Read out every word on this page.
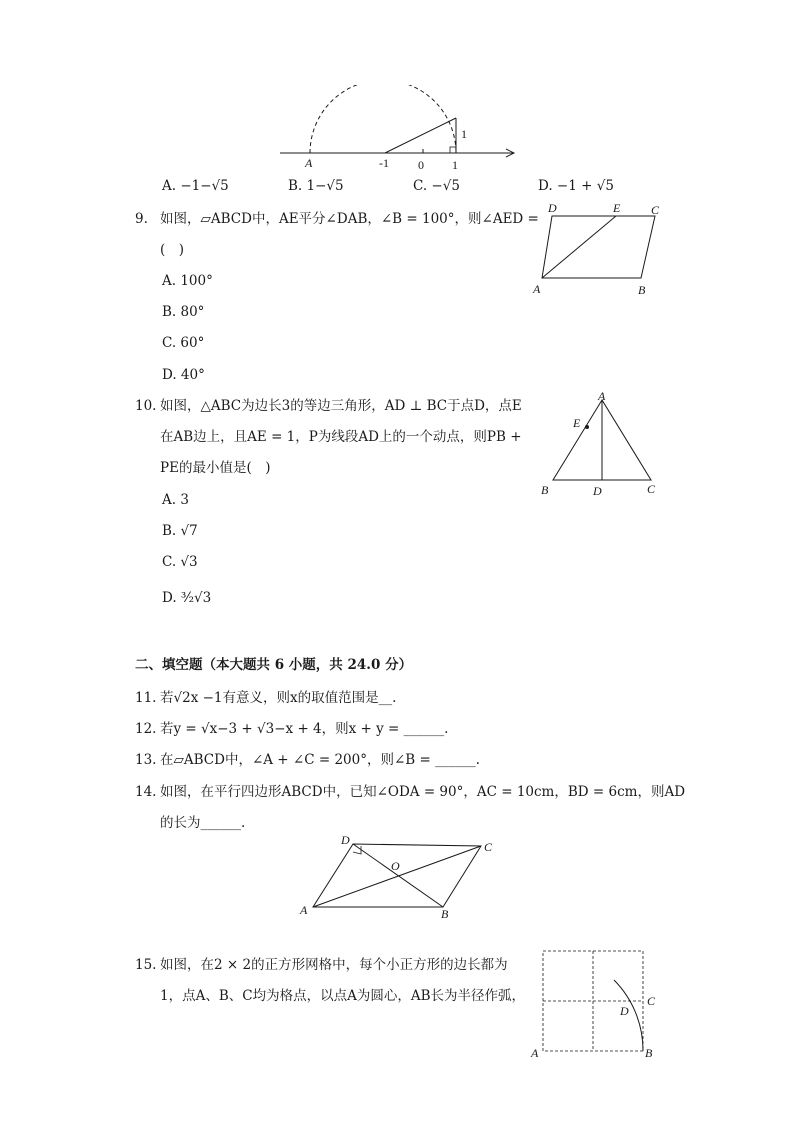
A	-1 0 1
1
A. −1−√5	B. 1−√5	C. −√5	D. −1 + √5
9. 如图，▱ABCD中，AE平分∠DAB，∠B = 100°，则∠AED =
(　)
A. 100°
B. 80°
C. 60°
D. 40°
D	E	C
A	B
10. 如图，△ABC为边长3的等边三角形，AD ⊥ BC于点D，点E
在AB边上，且AE = 1，P为线段AD上的一个动点，则PB +
PE的最小值是(　)
A. 3
B. √7
C. √3
D. ³⁄₂√3
A
E
B	D	C
二、填空题（本大题共 6 小题，共 24.0 分）
11. 若√2x −1有意义，则x的取值范围是__.
12. 若y = √x−3 + √3−x + 4，则x + y = ______.
13. 在▱ABCD中，∠A + ∠C = 200°，则∠B = ______.
14. 如图，在平行四边形ABCD中，已知∠ODA = 90°，AC = 10cm，BD = 6cm，则AD
的长为______.
D	C
O
A	B
15. 如图，在2 × 2的正方形网格中，每个小正方形的边长都为
1，点A、B、C均为格点，以点A为圆心，AB长为半径作弧，	C
D
A	B
